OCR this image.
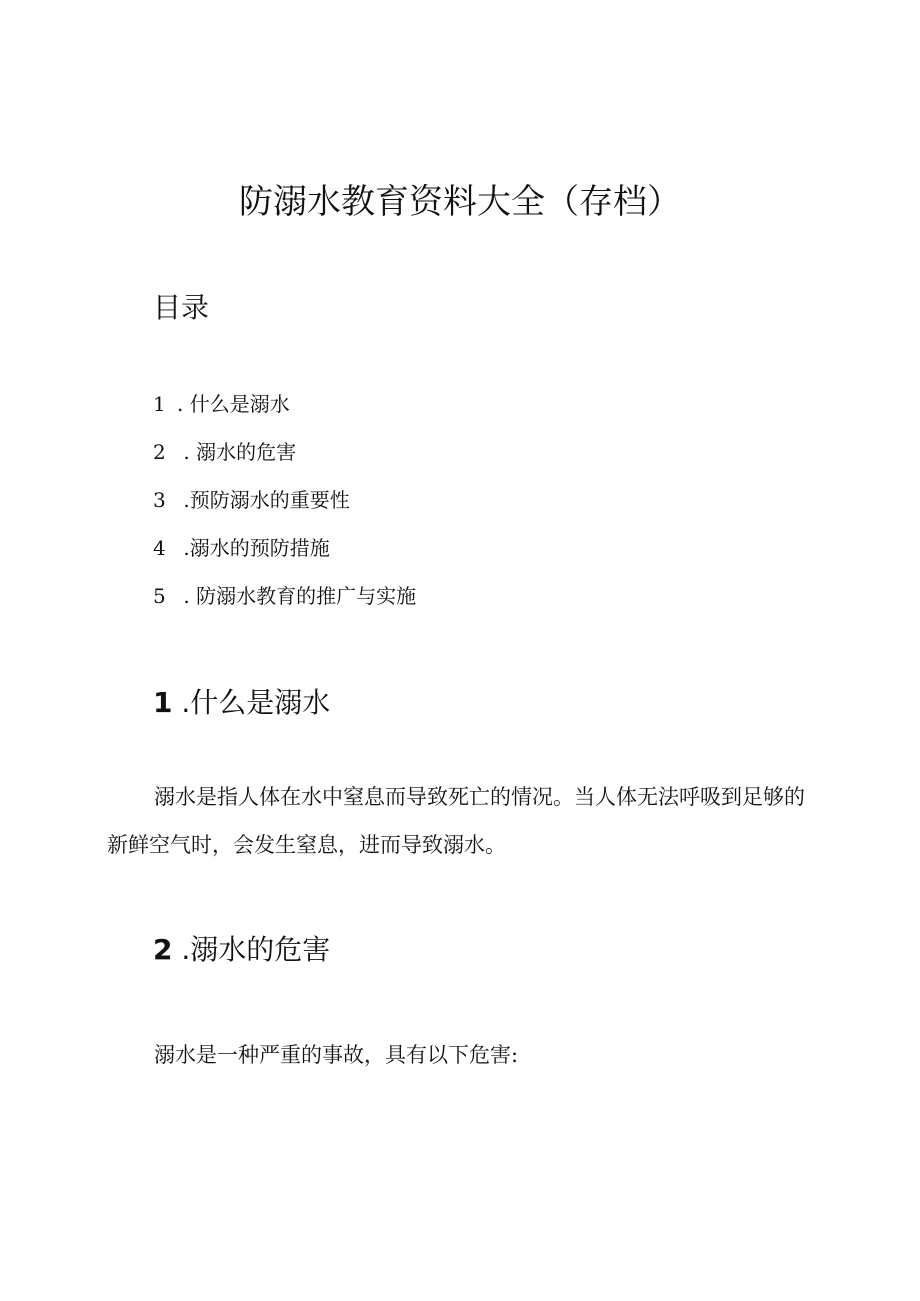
防溺水教育资料大全（存档）
目录
1 . 什么是溺水
2 . 溺水的危害
3 .预防溺水的重要性
4 .溺水的预防措施
5 . 防溺水教育的推广与实施
1 .什么是溺水

溺水是指人体在水中窒息而导致死亡的情况。当人体无法呼吸到足够的新鲜空气时，会发生窒息，进而导致溺水。

2 .溺水的危害

溺水是一种严重的事故，具有以下危害:
